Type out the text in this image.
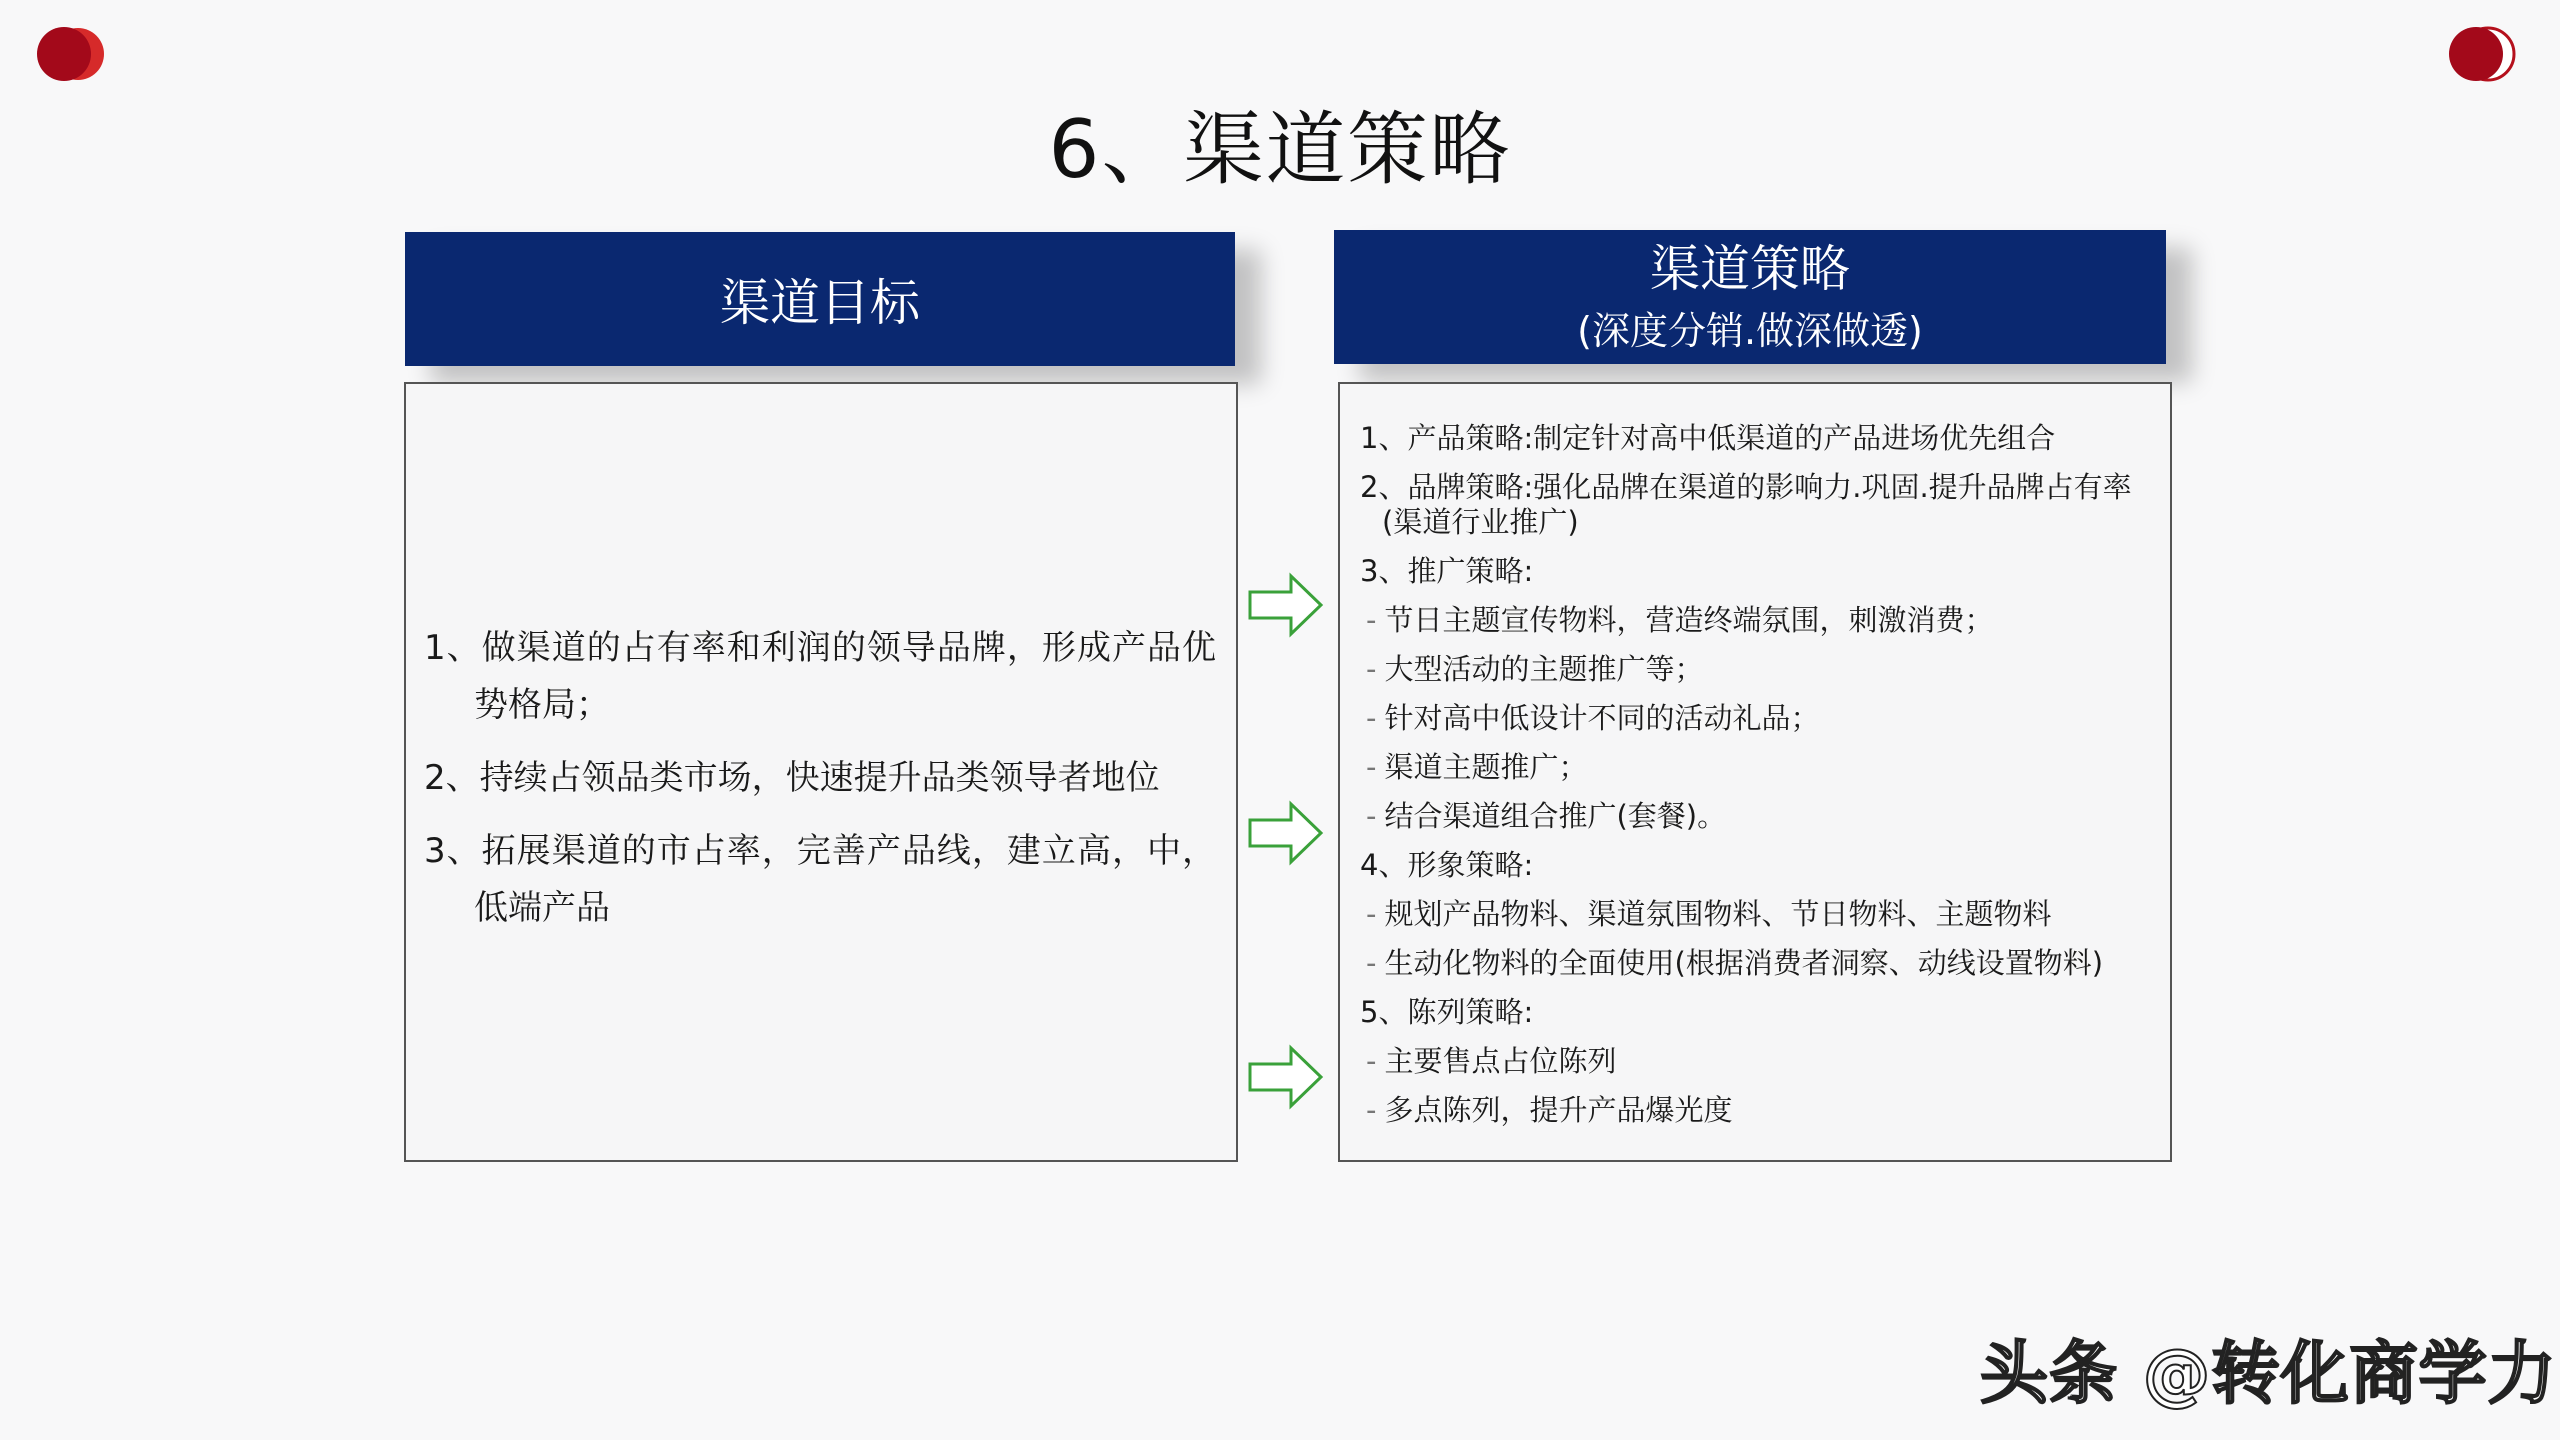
6、渠道策略
渠道目标
渠道策略
(深度分销.做深做透)
1、做渠道的占有率和利润的领导品牌，形成产品优势格局；
2、持续占领品类市场，快速提升品类领导者地位
3、拓展渠道的市占率，完善产品线，建立高，中，低端产品
1、产品策略:制定针对高中低渠道的产品进场优先组合
2、品牌策略:强化品牌在渠道的影响力.巩固.提升品牌占有率(渠道行业推广)
3、推广策略:
- 节日主题宣传物料，营造终端氛围，刺激消费；
- 大型活动的主题推广等；
- 针对高中低设计不同的活动礼品；
- 渠道主题推广；
- 结合渠道组合推广(套餐)。
4、形象策略:
- 规划产品物料、渠道氛围物料、节日物料、主题物料
- 生动化物料的全面使用(根据消费者洞察、动线设置物料)
5、陈列策略:
- 主要售点占位陈列
- 多点陈列，提升产品爆光度
头条 @转化商学力
